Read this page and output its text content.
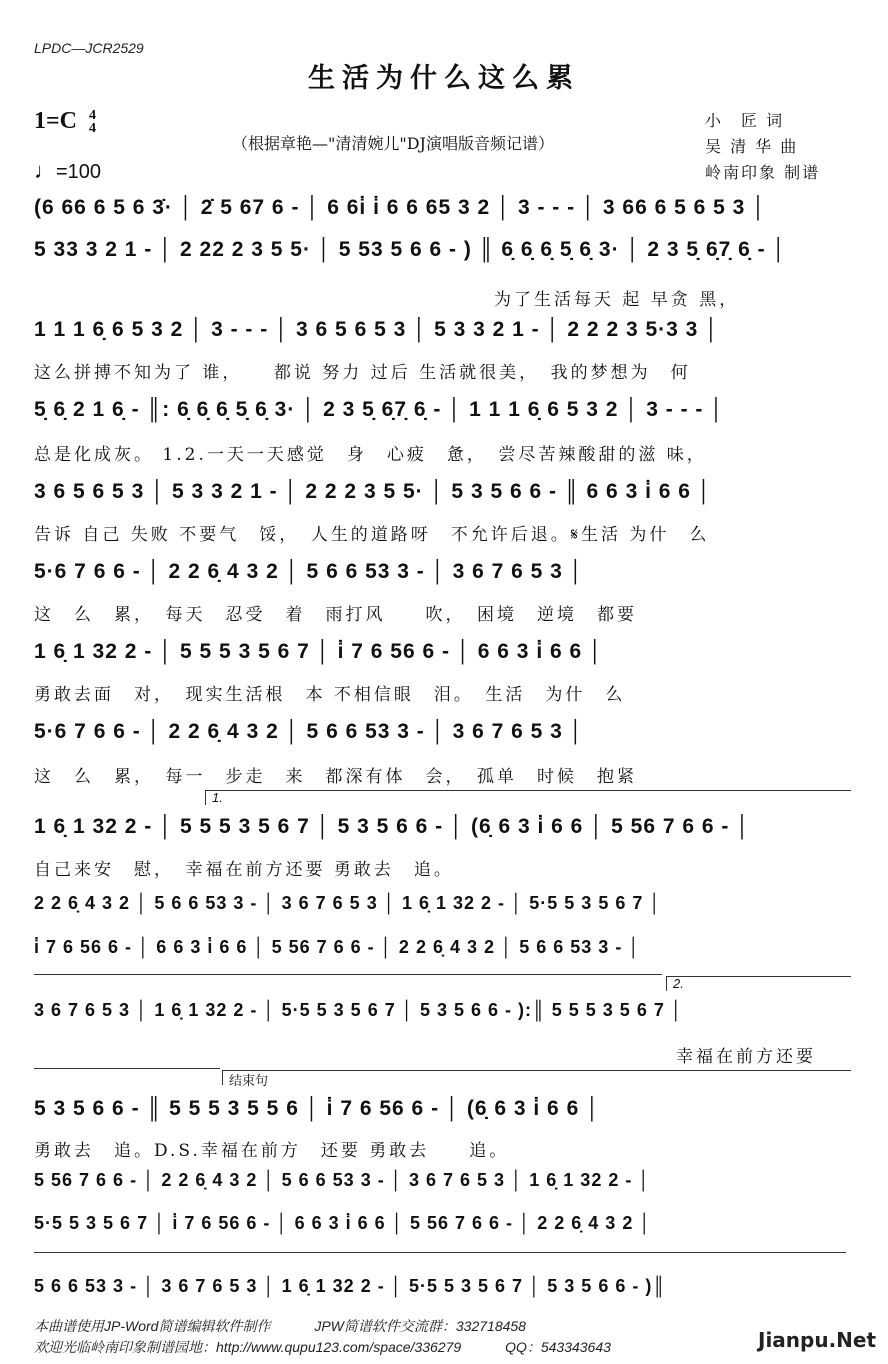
LPDC—JCR2529
生活为什么这么累
1=C 4
4
♩=100
（根据章艳—"清清婉儿"DJ演唱版音频记谱）
小　匠 词
吴 清 华 曲
岭南印象 制谱
(6 66 6 5 6 3̇· │ 2̇ 5 67 6 - │ 6 6i̇ i̇ 6 6 65 3 2 │ 3 - - - │ 3 66 6 5 6 5 3 │
5 33 3 2 1 - │ 2 22 2 3 5 5· │ 5 53 5 6 6 - ) ║ 6̣ 6̣ 6̣ 5̣ 6̣ 3· │ 2 3 5̣ 6̣7̣ 6̣ - │
为了生活每天 起 早贪 黑，
1 1 1 6̣ 6 5 3 2 │ 3 - - - │ 3 6 5 6 5 3 │ 5 3 3 2 1 - │ 2 2 2 3 5·3 3 │
这么拼搏不知为了 谁，　　都说 努力 过后 生活就很美，　我的梦想为　何
5̣ 6̣ 2 1 6̣ - ║: 6̣ 6̣ 6̣ 5̣ 6̣ 3· │ 2 3 5̣ 6̣7̣ 6̣ - │ 1 1 1 6̣ 6 5 3 2 │ 3 - - - │
总是化成灰。 1.2.一天一天感觉　身　心疲　惫，　尝尽苦辣酸甜的滋 味，
3 6 5 6 5 3 │ 5 3 3 2 1 - │ 2 2 2 3 5 5· │ 5 3 5 6 6 - ║ 6 6 3 i̇ 6 6 │
告诉 自己 失败 不要气　馁，　人生的道路呀　不允许后退。𝄋生活 为什　么
5·6 7 6 6 - │ 2 2 6̣ 4 3 2 │ 5 6 6 53 3 - │ 3 6 7 6 5 3 │
这　么　累，　每天　忍受　着　雨打风　　吹，　困境　逆境　都要
1 6̣ 1 32 2 - │ 5 5 5 3 5 6 7 │ i̇ 7 6 56 6 - │ 6 6 3 i̇ 6 6 │
勇敢去面　对，　现实生活根　本 不相信眼　泪。　生活　为什　么
5·6 7 6 6 - │ 2 2 6̣ 4 3 2 │ 5 6 6 53 3 - │ 3 6 7 6 5 3 │
这　么　累，　每一　步走　来　都深有体　会，　孤单　时候　抱紧
1.
1 6̣ 1 32 2 - │ 5 5 5 3 5 6 7 │ 5 3 5 6 6 - │ (6̣ 6 3 i̇ 6 6 │ 5 56 7 6 6 - │
自己来安　慰，　幸福在前方还要 勇敢去　追。
2 2 6̣ 4 3 2 │ 5 6 6 53 3 - │ 3 6 7 6 5 3 │ 1 6̣ 1 32 2 - │ 5·5 5 3 5 6 7 │
i̇ 7 6 56 6 - │ 6 6 3 i̇ 6 6 │ 5 56 7 6 6 - │ 2 2 6̣ 4 3 2 │ 5 6 6 53 3 - │
2.
3 6 7 6 5 3 │ 1 6̣ 1 32 2 - │ 5·5 5 3 5 6 7 │ 5 3 5 6 6 - ):║ 5 5 5 3 5 6 7 │
幸福在前方还要
结束句
5 3 5 6 6 - ║ 5 5 5 3 5 5 6 │ i̇ 7 6 56 6 - │ (6̣ 6 3 i̇ 6 6 │
勇敢去　追。D.S.幸福在前方　还要 勇敢去　　追。
5 56 7 6 6 - │ 2 2 6̣ 4 3 2 │ 5 6 6 53 3 - │ 3 6 7 6 5 3 │ 1 6̣ 1 32 2 - │
5·5 5 3 5 6 7 │ i̇ 7 6 56 6 - │ 6 6 3 i̇ 6 6 │ 5 56 7 6 6 - │ 2 2 6̣ 4 3 2 │
5 6 6 53 3 - │ 3 6 7 6 5 3 │ 1 6̣ 1 32 2 - │ 5·5 5 3 5 6 7 │ 5 3 5 6 6 - )║
本曲谱使用JP-Word简谱编辑软件制作	JPW简谱软件交流群：332718458
欢迎光临岭南印象制谱园地：http://www.qupu123.com/space/336279	QQ：543343643	Jianpu.Net
